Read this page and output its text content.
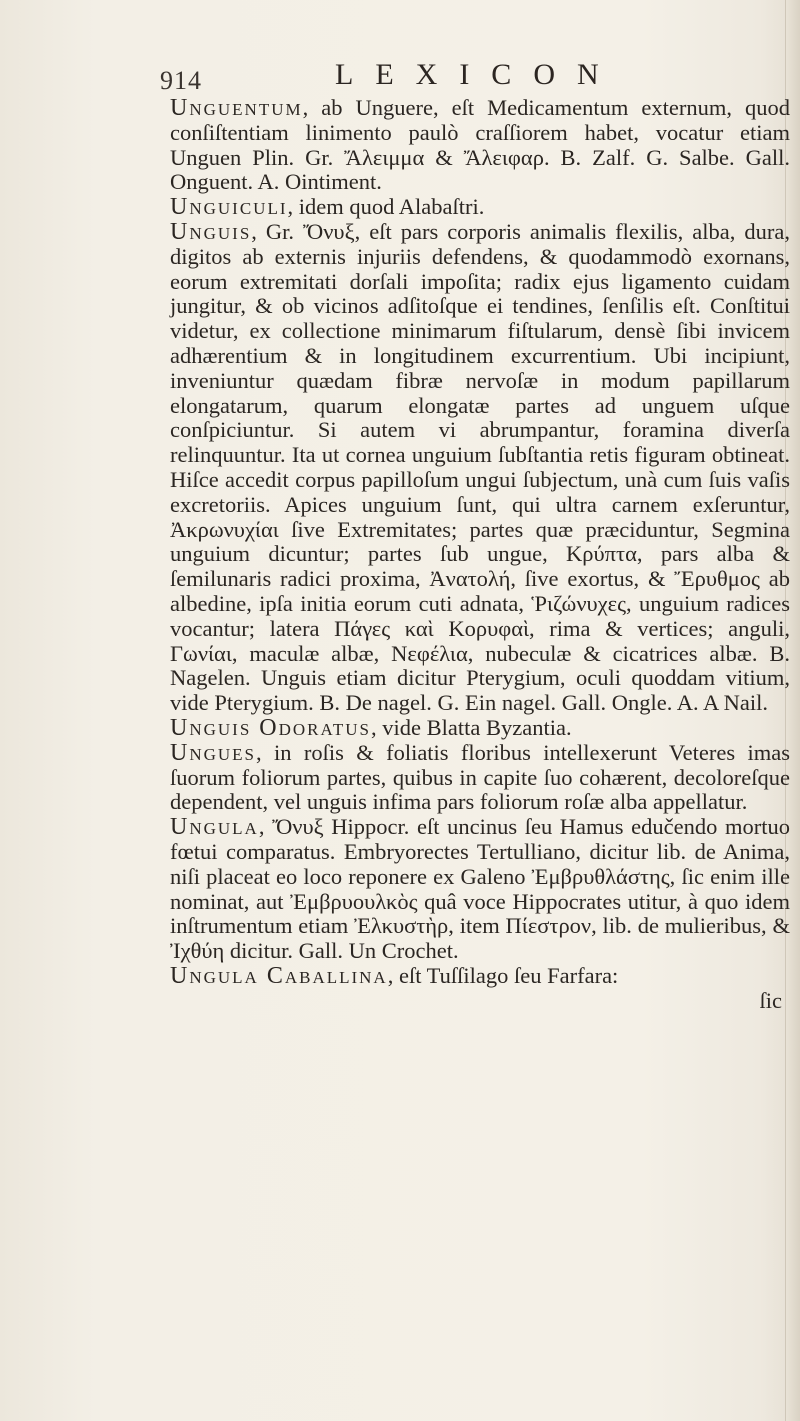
914	LEXICON

Unguentum, ab Unguere, eſt Medicamentum externum, quod conſiſtentiam linimento paulò craſſiorem habet, vocatur etiam Unguen Plin. Gr. Ἄλειμμα & Ἄλειφαρ. B. Zalf. G. Salbe. Gall. Onguent. A. Ointiment.

Unguiculi, idem quod Alabaſtri.

Unguis, Gr. Ὄνυξ, eſt pars corporis animalis flexilis, alba, dura, digitos ab externis injuriis defendens, & quodammodò exornans, eorum extremitati dorſali impoſita; radix ejus ligamento cuidam jungitur, & ob vicinos adſitoſque ei tendines, ſenſilis eſt. Conſtitui videtur, ex collectione minimarum fiſtularum, densè ſibi invicem adhærentium & in longitudinem excurrentium. Ubi incipiunt, inveniuntur quædam fibræ nervoſæ in modum papillarum elongatarum, quarum elongatæ partes ad unguem uſque conſpiciuntur. Si autem vi abrumpantur, foramina diverſa relinquuntur. Ita ut cornea unguium ſubſtantia retis figuram obtineat. Hiſce accedit corpus papilloſum ungui ſubjectum, unà cum ſuis vaſis excretoriis. Apices unguium ſunt, qui ultra carnem exſeruntur, Ἀκρωνυχίαι ſive Extremitates; partes quæ præciduntur, Segmina unguium dicuntur; partes ſub ungue, Κρύπτα, pars alba & ſemilunaris radici proxima, Ἀνατολή, ſive exortus, & Ἔρυθμος ab albedine, ipſa initia eorum cuti adnata, Ῥιζώνυχες, unguium radices vocantur; latera Πάγες καὶ Κορυφαὶ, rima & vertices; anguli, Γωνίαι, maculæ albæ, Νεφέλια, nubeculæ & cicatrices albæ. B. Nagelen. Unguis etiam dicitur Pterygium, oculi quoddam vitium, vide Pterygium. B. De nagel. G. Ein nagel. Gall. Ongle. A. A Nail.

Unguis Odoratus, vide Blatta Byzantia.

Ungues, in roſis & foliatis floribus intellexerunt Veteres imas ſuorum foliorum partes, quibus in capite ſuo cohærent, decoloreſque dependent, vel unguis infima pars foliorum roſæ alba appellatur.

Ungula, Ὄνυξ Hippocr. eſt uncinus ſeu Hamus edučendo mortuo fœtui comparatus. Embryorectes Tertulliano, dicitur lib. de Anima, niſi placeat eo loco reponere ex Galeno Ἐμβρυθλάστης, ſic enim ille nominat, aut Ἐμβρυουλκὸς quâ voce Hippocrates utitur, à quo idem inſtrumentum etiam Ἐλκυστὴρ, item Πίεστρον, lib. de mulieribus, & Ἰχθύη dicitur. Gall. Un Crochet.

Ungula Caballina, eſt Tuſſilago ſeu Farfara:

ſic
